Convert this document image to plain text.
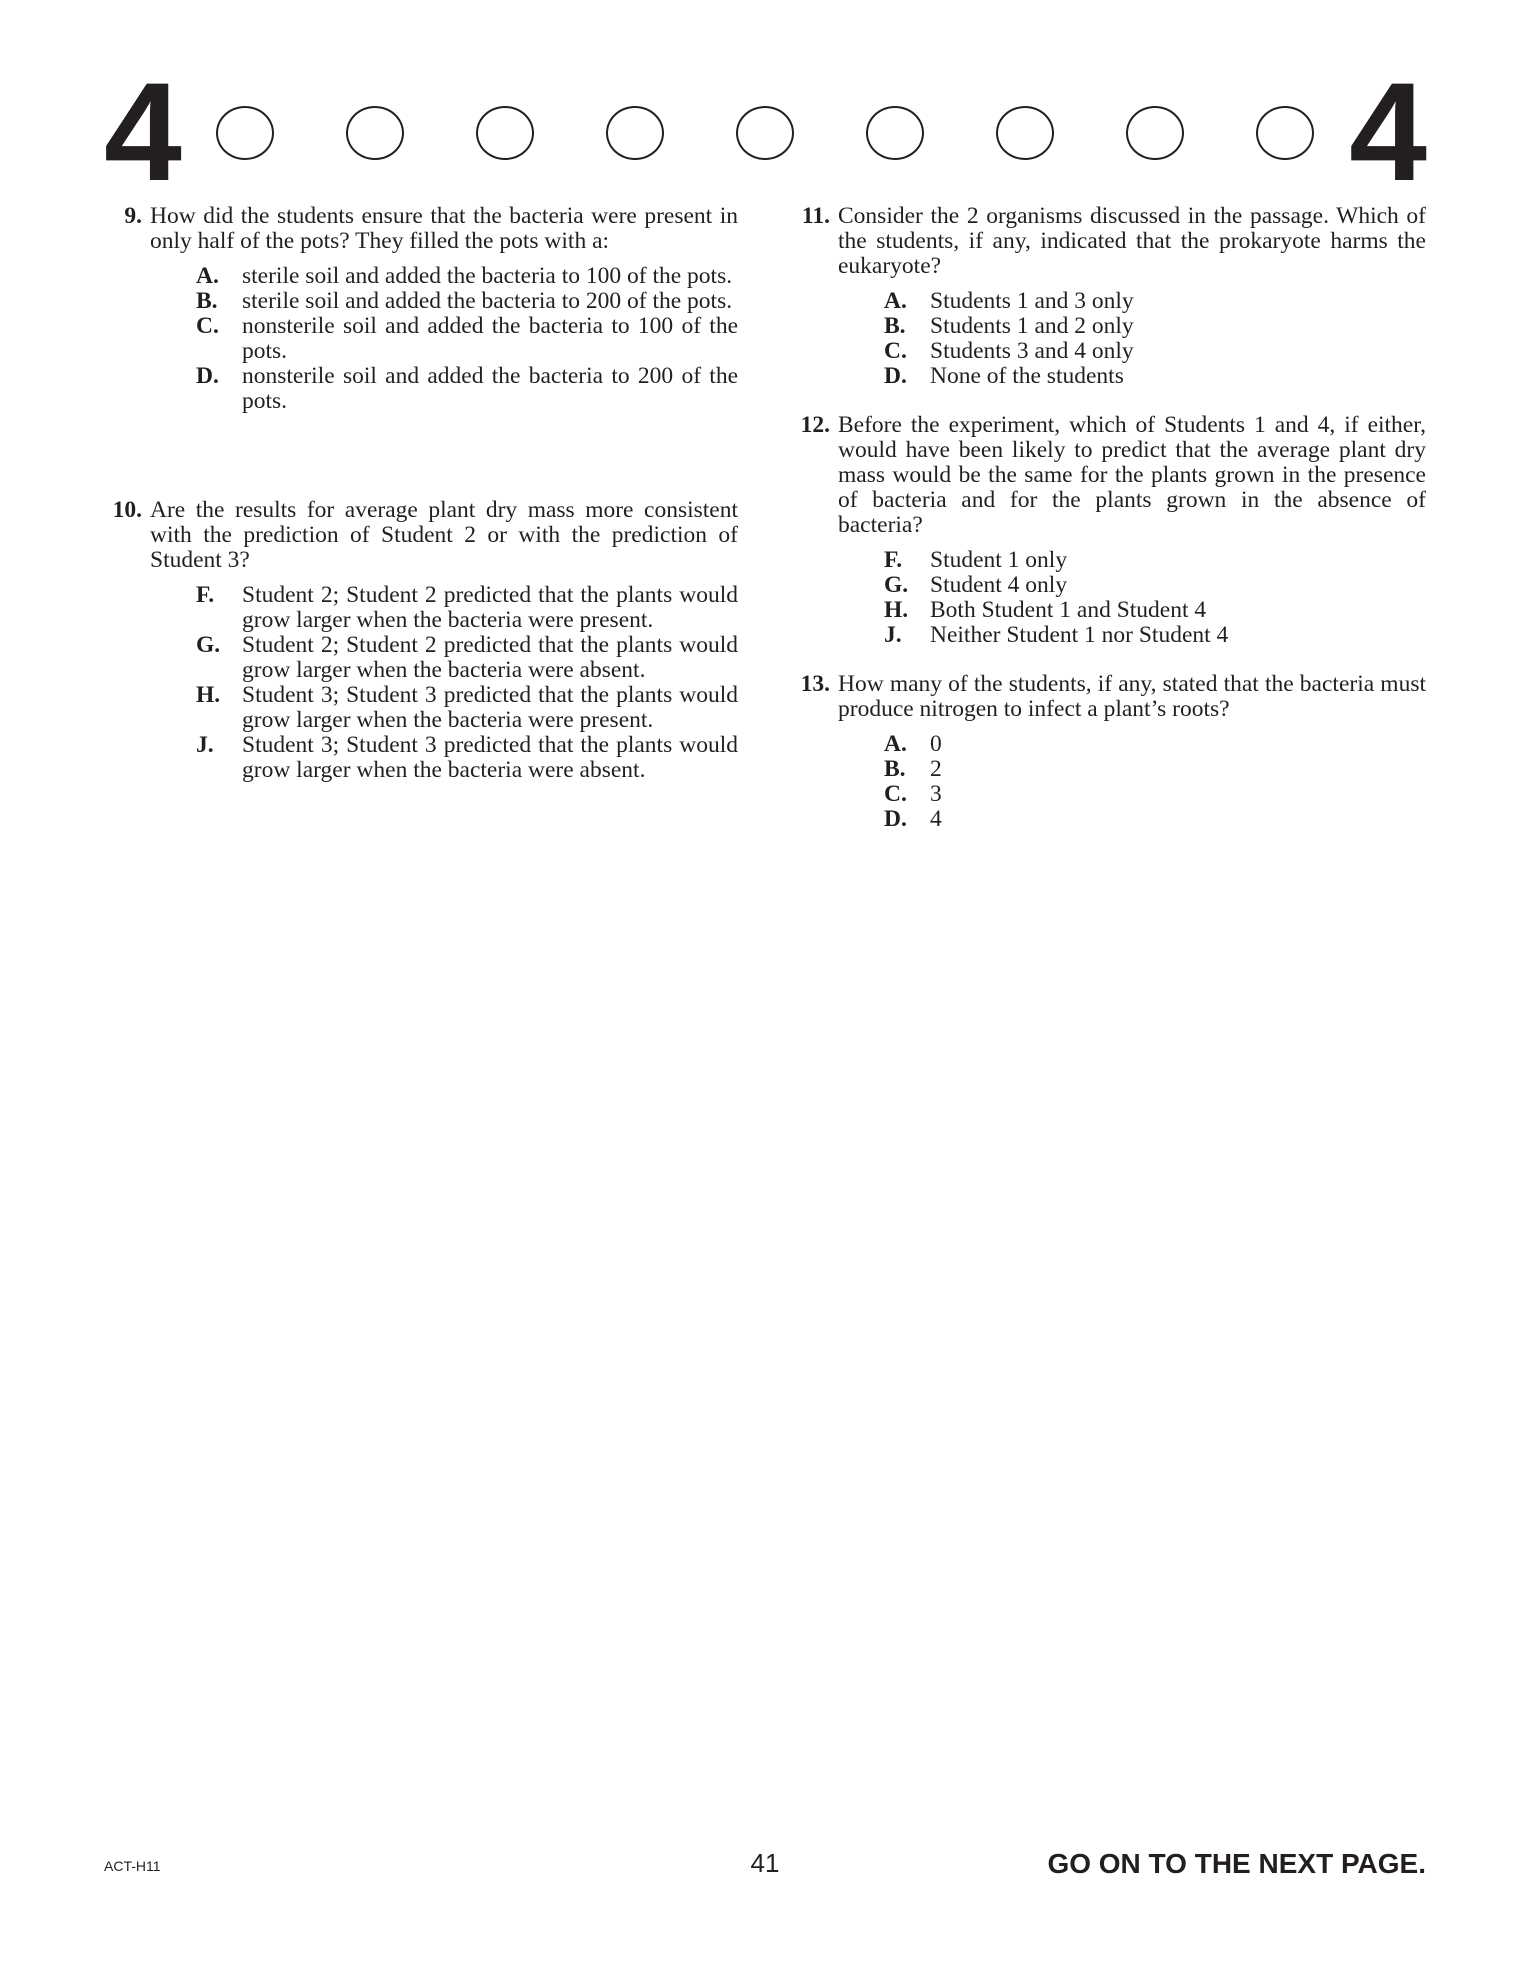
4	4
9. How did the students ensure that the bacteria were present in only half of the pots? They filled the pots with a:
A. sterile soil and added the bacteria to 100 of the pots.
B. sterile soil and added the bacteria to 200 of the pots.
C. nonsterile soil and added the bacteria to 100 of the pots.
D. nonsterile soil and added the bacteria to 200 of the pots.
10. Are the results for average plant dry mass more consistent with the prediction of Student 2 or with the prediction of Student 3?
F. Student 2; Student 2 predicted that the plants would grow larger when the bacteria were present.
G. Student 2; Student 2 predicted that the plants would grow larger when the bacteria were absent.
H. Student 3; Student 3 predicted that the plants would grow larger when the bacteria were present.
J. Student 3; Student 3 predicted that the plants would grow larger when the bacteria were absent.
11. Consider the 2 organisms discussed in the passage. Which of the students, if any, indicated that the prokaryote harms the eukaryote?
A. Students 1 and 3 only
B. Students 1 and 2 only
C. Students 3 and 4 only
D. None of the students
12. Before the experiment, which of Students 1 and 4, if either, would have been likely to predict that the average plant dry mass would be the same for the plants grown in the presence of bacteria and for the plants grown in the absence of bacteria?
F. Student 1 only
G. Student 4 only
H. Both Student 1 and Student 4
J. Neither Student 1 nor Student 4
13. How many of the students, if any, stated that the bacteria must produce nitrogen to infect a plant’s roots?
A. 0
B. 2
C. 3
D. 4
ACT-H11	41	GO ON TO THE NEXT PAGE.
